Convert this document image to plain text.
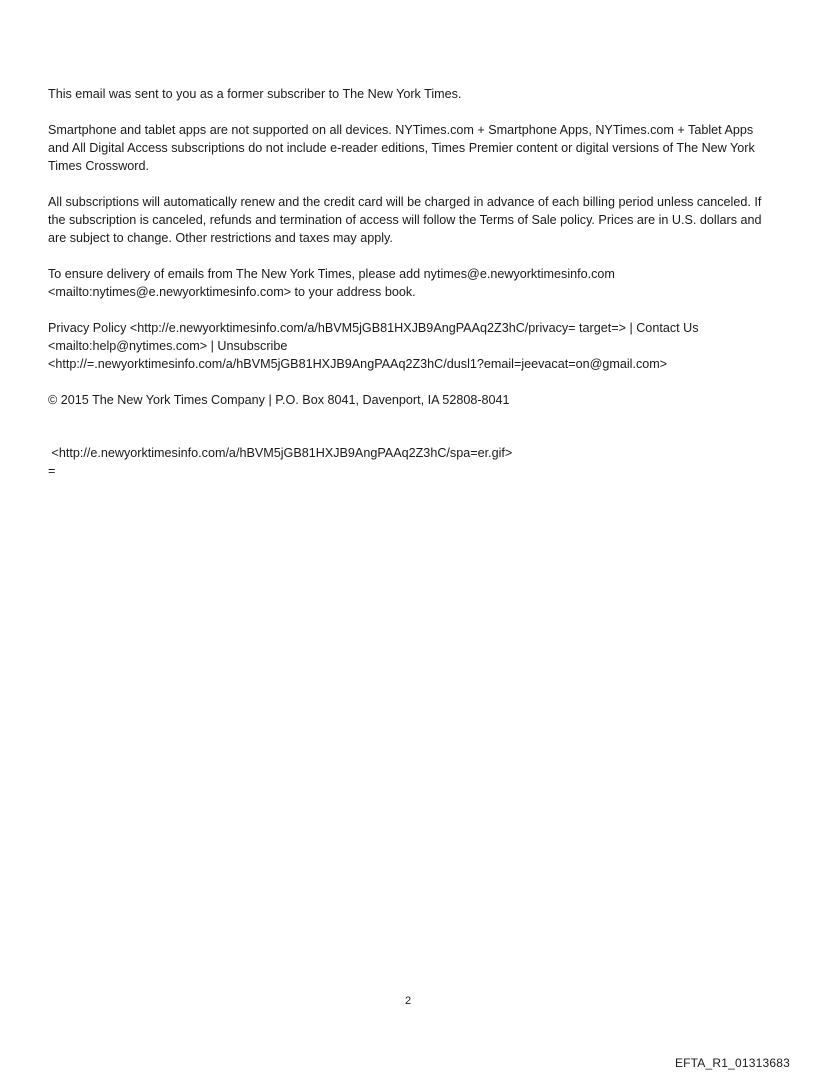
This email was sent to you as a former subscriber to The New York Times.

Smartphone and tablet apps are not supported on all devices. NYTimes.com + Smartphone Apps, NYTimes.com + Tablet Apps and All Digital Access subscriptions do not include e-reader editions, Times Premier content or digital versions of The New York Times Crossword.

All subscriptions will automatically renew and the credit card will be charged in advance of each billing period unless canceled. If the subscription is canceled, refunds and termination of access will follow the Terms of Sale policy. Prices are in U.S. dollars and are subject to change. Other restrictions and taxes may apply.

To ensure delivery of emails from The New York Times, please add nytimes@e.newyorktimesinfo.com
<mailto:nytimes@e.newyorktimesinfo.com> to your address book.

Privacy Policy <http://e.newyorktimesinfo.com/a/hBVM5jGB81HXJB9AngPAAq2Z3hC/privacy= target=> | Contact Us
<mailto:help@nytimes.com> | Unsubscribe
<http://=.newyorktimesinfo.com/a/hBVM5jGB81HXJB9AngPAAq2Z3hC/dusl1?email=jeevacat=on@gmail.com>

© 2015 The New York Times Company | P.O. Box 8041, Davenport, IA 52808-8041

<http://e.newyorktimesinfo.com/a/hBVM5jGB81HXJB9AngPAAq2Z3hC/spa=er.gif>
=
2
EFTA_R1_01313683
